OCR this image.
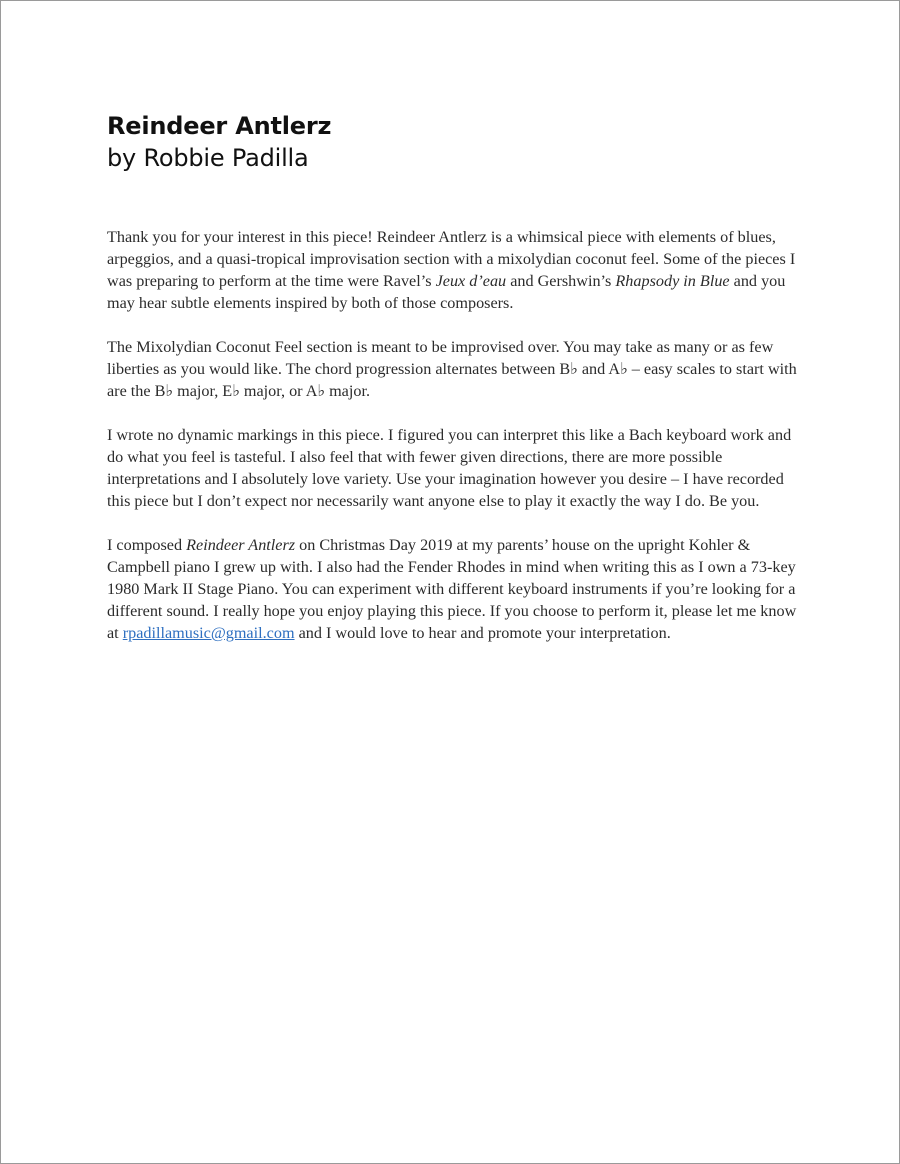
Reindeer Antlerz
by Robbie Padilla

Thank you for your interest in this piece! Reindeer Antlerz is a whimsical piece with elements of blues, arpeggios, and a quasi-tropical improvisation section with a mixolydian coconut feel. Some of the pieces I was preparing to perform at the time were Ravel’s Jeux d’eau and Gershwin’s Rhapsody in Blue and you may hear subtle elements inspired by both of those composers.

The Mixolydian Coconut Feel section is meant to be improvised over. You may take as many or as few liberties as you would like. The chord progression alternates between B♭ and A♭ – easy scales to start with are the B♭ major, E♭ major, or A♭ major.

I wrote no dynamic markings in this piece. I figured you can interpret this like a Bach keyboard work and do what you feel is tasteful. I also feel that with fewer given directions, there are more possible interpretations and I absolutely love variety. Use your imagination however you desire – I have recorded this piece but I don’t expect nor necessarily want anyone else to play it exactly the way I do. Be you.

I composed Reindeer Antlerz on Christmas Day 2019 at my parents’ house on the upright Kohler & Campbell piano I grew up with. I also had the Fender Rhodes in mind when writing this as I own a 73-key 1980 Mark II Stage Piano. You can experiment with different keyboard instruments if you’re looking for a different sound. I really hope you enjoy playing this piece. If you choose to perform it, please let me know at rpadillamusic@gmail.com and I would love to hear and promote your interpretation.
